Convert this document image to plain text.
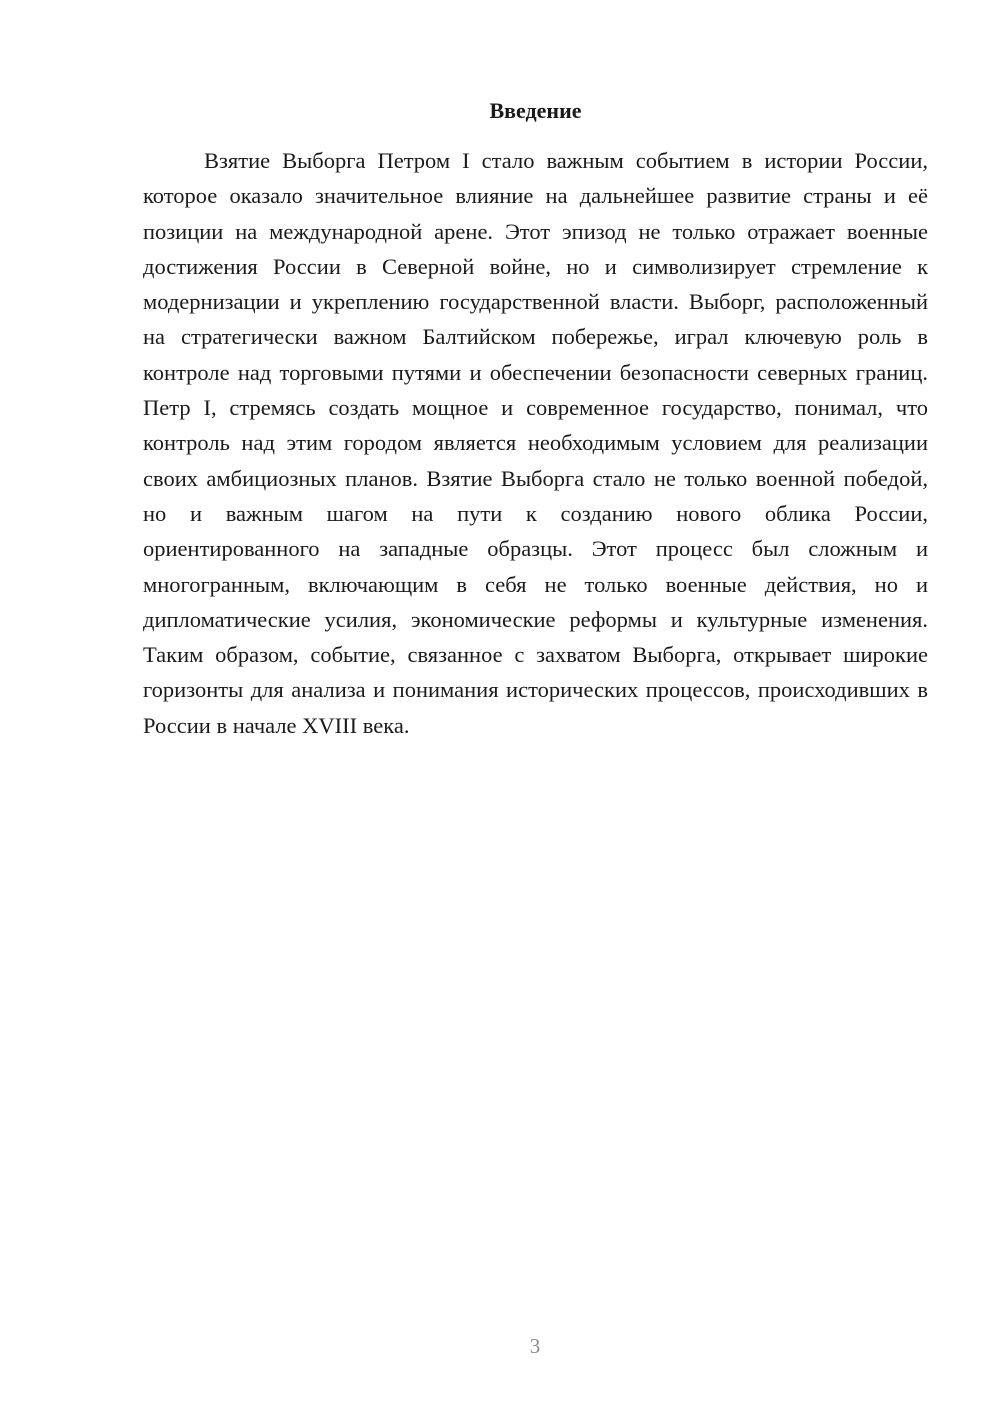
Введение

Взятие Выборга Петром I стало важным событием в истории России, которое оказало значительное влияние на дальнейшее развитие страны и её позиции на международной арене. Этот эпизод не только отражает военные достижения России в Северной войне, но и символизирует стремление к модернизации и укреплению государственной власти. Выборг, расположенный на стратегически важном Балтийском побережье, играл ключевую роль в контроле над торговыми путями и обеспечении безопасности северных границ. Петр I, стремясь создать мощное и современное государство, понимал, что контроль над этим городом является необходимым условием для реализации своих амбициозных планов. Взятие Выборга стало не только военной победой, но и важным шагом на пути к созданию нового облика России, ориентированного на западные образцы. Этот процесс был сложным и многогранным, включающим в себя не только военные действия, но и дипломатические усилия, экономические реформы и культурные изменения. Таким образом, событие, связанное с захватом Выборга, открывает широкие горизонты для анализа и понимания исторических процессов, происходивших в России в начале XVIII века.

3
